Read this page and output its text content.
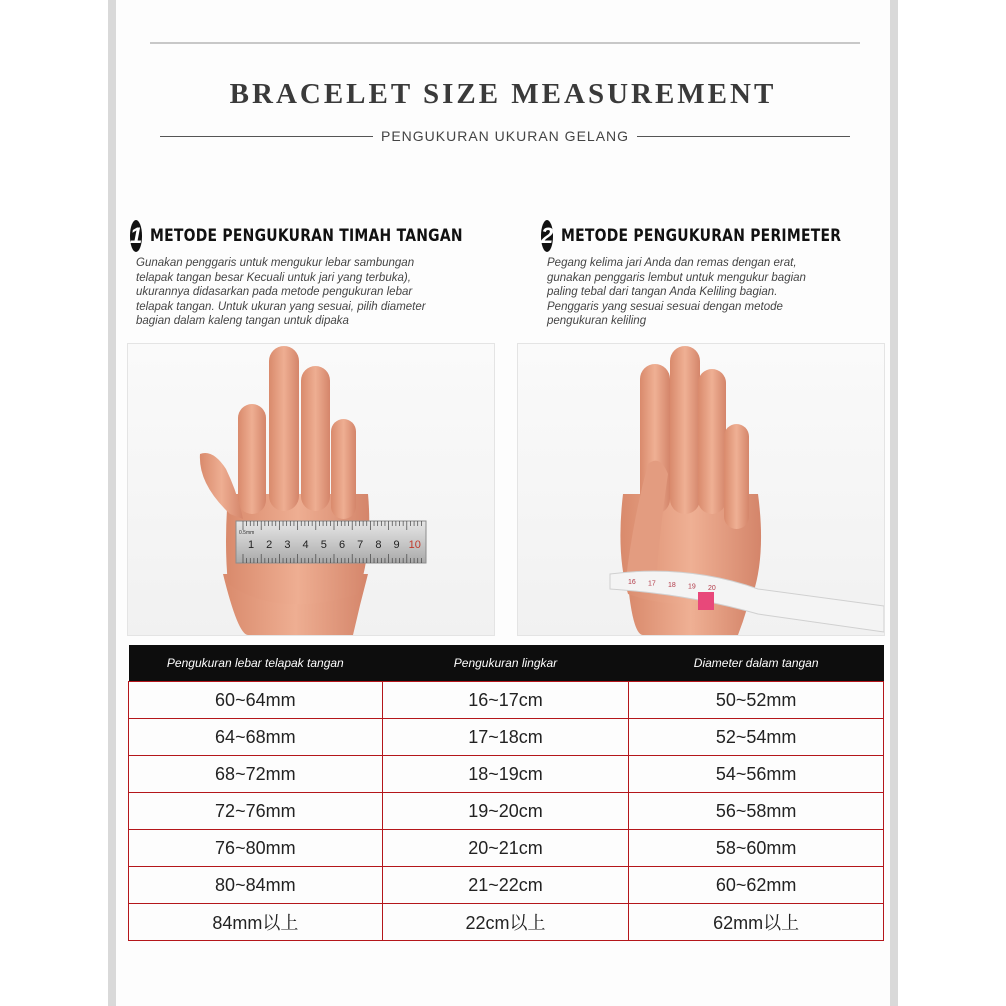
BRACELET SIZE MEASUREMENT
PENGUKURAN UKURAN GELANG
1 METODE PENGUKURAN TIMAH TANGAN
Gunakan penggaris untuk mengukur lebar sambungan
telapak tangan besar Kecuali untuk jari yang terbuka),
ukurannya didasarkan pada metode pengukuran lebar
telapak tangan. Untuk ukuran yang sesuai, pilih diameter
bagian dalam kaleng tangan untuk dipaka
2 METODE PENGUKURAN PERIMETER
Pegang kelima jari Anda dan remas dengan erat,
gunakan penggaris lembut untuk mengukur bagian
paling tebal dari tangan Anda Keliling bagian.
Penggaris yang sesuai sesuai dengan metode
pengukuran keliling
0.5mm
1 2 3 4 5 6 7 8 9 10
16 17 18 19 20
Pengukuran lebar telapak tangan	Pengukuran lingkar	Diameter dalam tangan
60~64mm	16~17cm	50~52mm
64~68mm	17~18cm	52~54mm
68~72mm	18~19cm	54~56mm
72~76mm	19~20cm	56~58mm
76~80mm	20~21cm	58~60mm
80~84mm	21~22cm	60~62mm
84mm以上	22cm以上	62mm以上
